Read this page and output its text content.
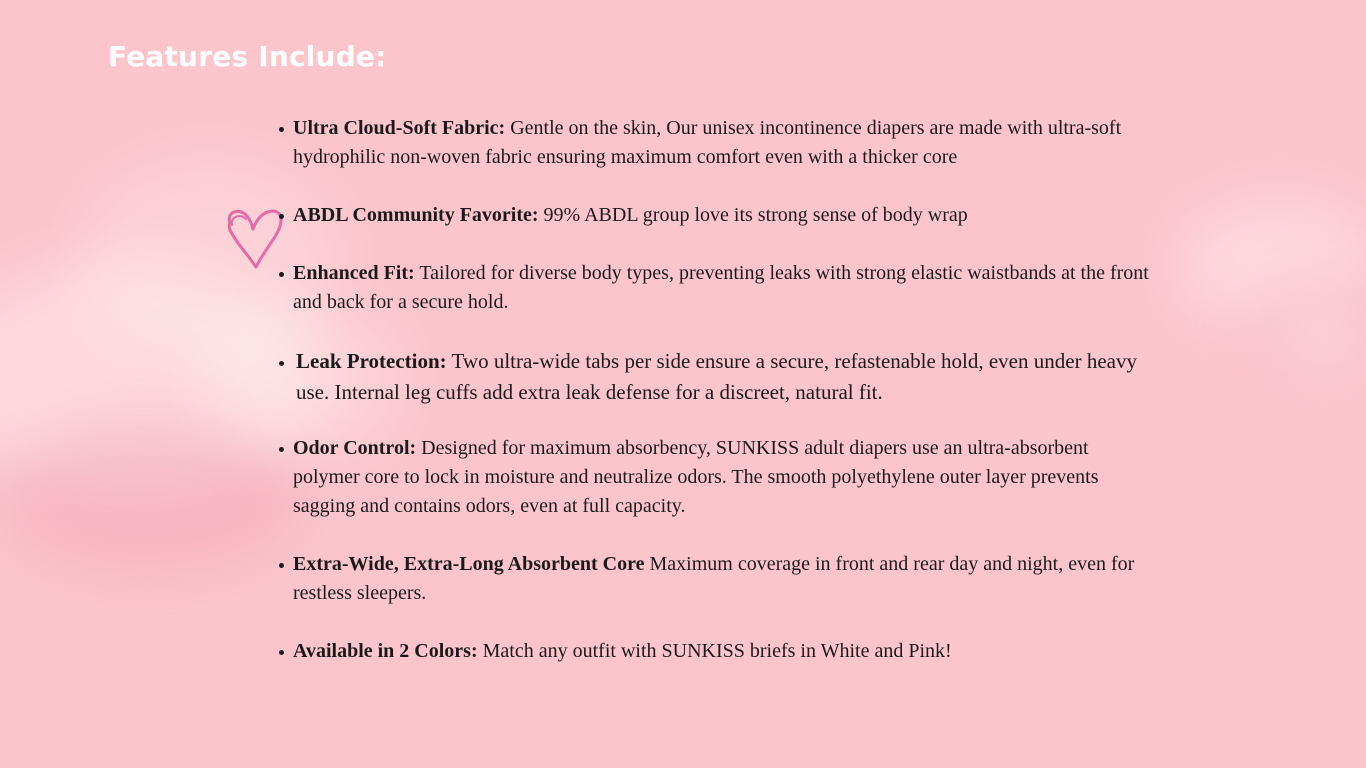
Features Include:
Ultra Cloud-Soft Fabric: Gentle on the skin, Our unisex incontinence diapers are made with ultra-soft hydrophilic non-woven fabric ensuring maximum comfort even with a thicker core
ABDL Community Favorite: 99% ABDL group love its strong sense of body wrap
Enhanced Fit: Tailored for diverse body types, preventing leaks with strong elastic waistbands at the front and back for a secure hold.
Leak Protection: Two ultra-wide tabs per side ensure a secure, refastenable hold, even under heavy use. Internal leg cuffs add extra leak defense for a discreet, natural fit.
Odor Control: Designed for maximum absorbency, SUNKISS adult diapers use an ultra-absorbent polymer core to lock in moisture and neutralize odors. The smooth polyethylene outer layer prevents sagging and contains odors, even at full capacity.
Extra-Wide, Extra-Long Absorbent Core Maximum coverage in front and rear day and night, even for restless sleepers.
Available in 2 Colors: Match any outfit with SUNKISS briefs in White and Pink!
